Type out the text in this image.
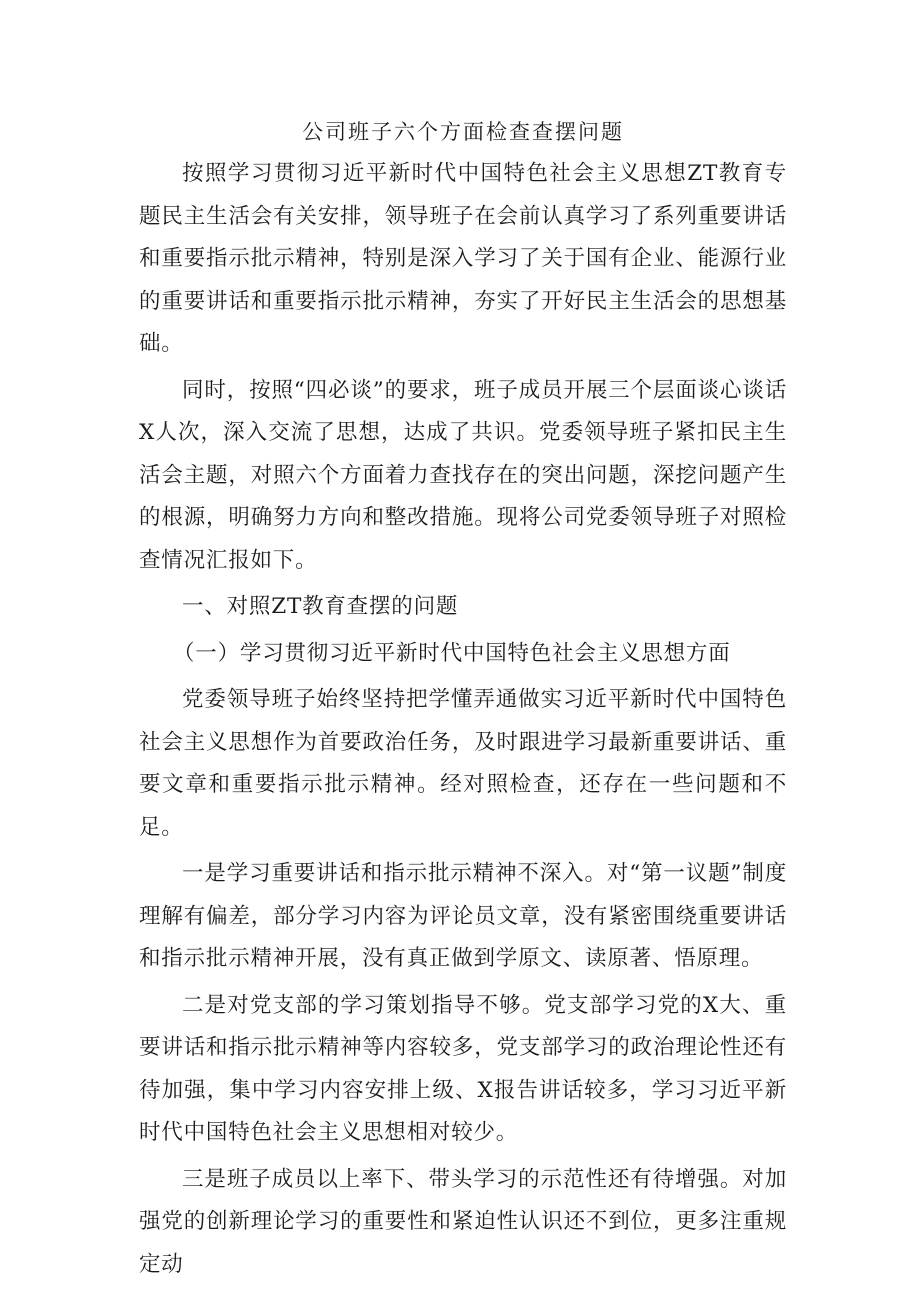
公司班子六个方面检查查摆问题

按照学习贯彻习近平新时代中国特色社会主义思想ZT教育专题民主生活会有关安排，领导班子在会前认真学习了系列重要讲话和重要指示批示精神，特别是深入学习了关于国有企业、能源行业的重要讲话和重要指示批示精神，夯实了开好民主生活会的思想基础。

同时，按照“四必谈”的要求，班子成员开展三个层面谈心谈话X人次，深入交流了思想，达成了共识。党委领导班子紧扣民主生活会主题，对照六个方面着力查找存在的突出问题，深挖问题产生的根源，明确努力方向和整改措施。现将公司党委领导班子对照检查情况汇报如下。

一、对照ZT教育查摆的问题

（一）学习贯彻习近平新时代中国特色社会主义思想方面

党委领导班子始终坚持把学懂弄通做实习近平新时代中国特色社会主义思想作为首要政治任务，及时跟进学习最新重要讲话、重要文章和重要指示批示精神。经对照检查，还存在一些问题和不足。

一是学习重要讲话和指示批示精神不深入。对“第一议题”制度理解有偏差，部分学习内容为评论员文章，没有紧密围绕重要讲话和指示批示精神开展，没有真正做到学原文、读原著、悟原理。

二是对党支部的学习策划指导不够。党支部学习党的X大、重要讲话和指示批示精神等内容较多，党支部学习的政治理论性还有待加强，集中学习内容安排上级、X报告讲话较多，学习习近平新时代中国特色社会主义思想相对较少。

三是班子成员以上率下、带头学习的示范性还有待增强。对加强党的创新理论学习的重要性和紧迫性认识还不到位，更多注重规定动
